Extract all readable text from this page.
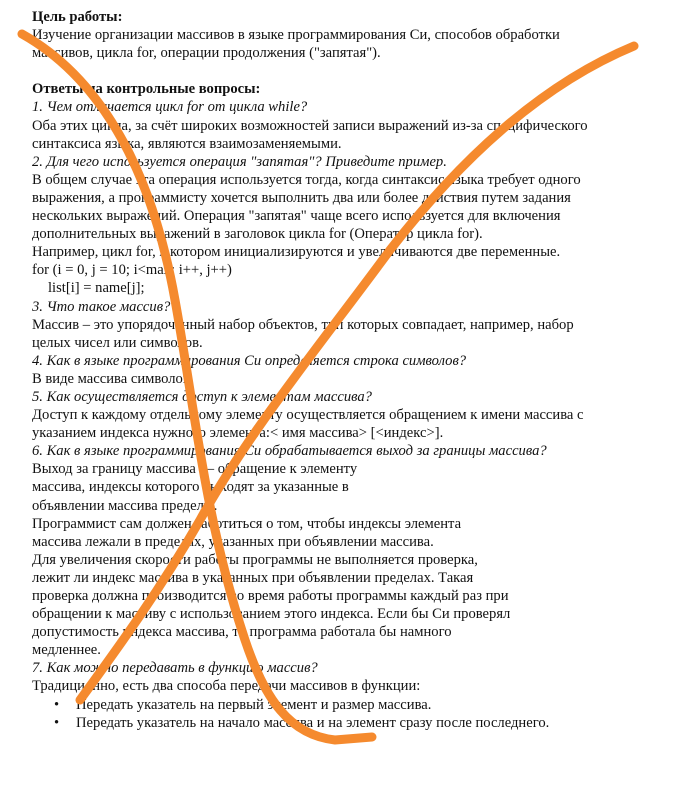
Цель работы:
Изучение организации массивов в языке программирования Си, способов обработки
массивов, цикла for, операции продолжения ("запятая").
Ответы на контрольные вопросы:
1. Чем отличается цикл for от цикла while?
Оба этих цикла, за счёт широких возможностей записи выражений из-за специфического
синтаксиса языка, являются взаимозаменяемыми.
2. Для чего используется операция "запятая"? Приведите пример.
В общем случае эта операция используется тогда, когда синтаксис языка требует одного
выражения, а программисту хочется выполнить два или более действия путем задания
нескольких выражений. Операция "запятая" чаще всего используется для включения
дополнительных выражений в заголовок цикла for (Оператор цикла for).
Например, цикл for, в котором инициализируются и увеличиваются две переменные.
for (i = 0, j = 10; i<max; i++, j++)
list[i] = name[j];
3. Что такое массив?
Массив – это упорядоченный набор объектов, тип которых совпадает, например, набор
целых чисел или символов.
4. Как в языке программирования Си определяется строка символов?
В виде массива символов.
5. Как осуществляется доступ к элементам массива?
Доступ к каждому отдельному элементу осуществляется обращением к имени массива с
указанием индекса нужного элемента:< имя массива> [<индекс>].
6. Как в языке программирования Си обрабатывается выход за границы массива?
Выход за границу массива — обращение к элементу
массива, индексы которого выходят за указанные в
объявлении массива пределы.
Программист сам должен заботиться о том, чтобы индексы элемента
массива лежали в пределах, указанных при объявлении массива.
Для увеличения скорости работы программы не выполняется проверка,
лежит ли индекс массива в указанных при объявлении пределах. Такая
проверка должна производится во время работы программы каждый раз при
обращении к массиву с использованием этого индекса. Если бы Си проверял
допустимость индекса массива, то программа работала бы намного
медленнее.
7. Как можно передавать в функцию массив?
Традиционно, есть два способа передачи массивов в функции:
• Передать указатель на первый элемент и размер массива.
• Передать указатель на начало массива и на элемент сразу после последнего.
